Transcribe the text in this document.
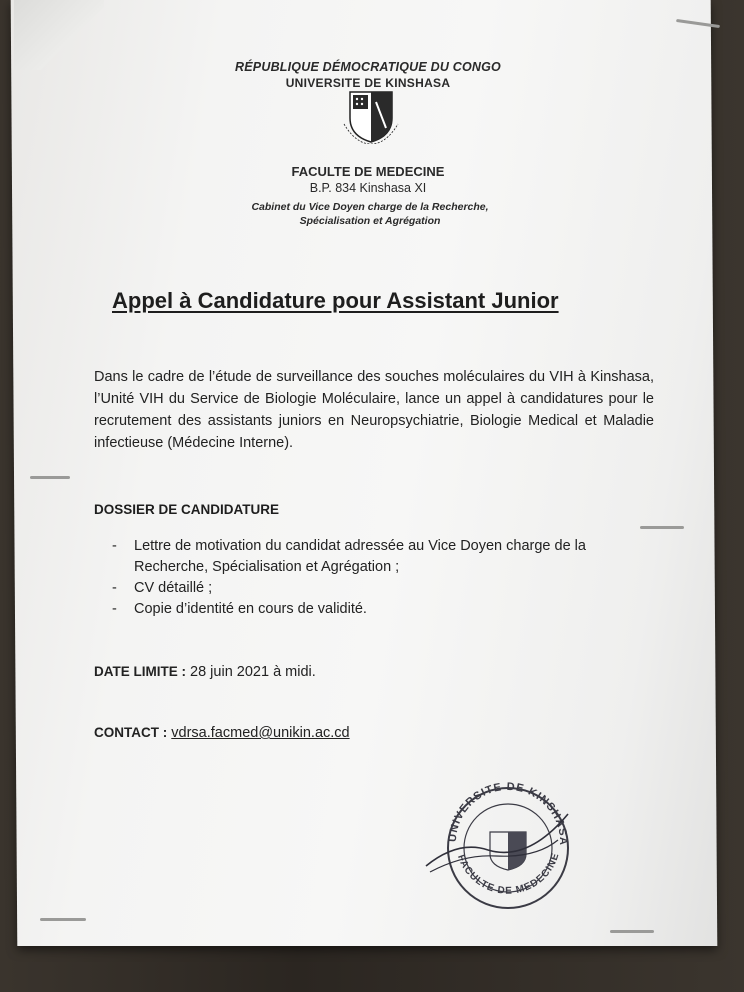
RÉPUBLIQUE DÉMOCRATIQUE DU CONGO
UNIVERSITE DE KINSHASA
FACULTE DE MEDECINE
B.P. 834 Kinshasa XI
Cabinet du Vice Doyen charge de la Recherche,
Spécialisation et Agrégation
Appel à Candidature pour Assistant Junior
Dans le cadre de l’étude de surveillance des souches moléculaires du VIH à Kinshasa, l’Unité VIH du Service de Biologie Moléculaire, lance un appel à candidatures pour le recrutement des assistants juniors en Neuropsychiatrie, Biologie Medical et Maladie infectieuse (Médecine Interne).
DOSSIER DE CANDIDATURE
- Lettre de motivation du candidat adressée au Vice Doyen charge de la Recherche, Spécialisation et Agrégation ;
- CV détaillé ;
- Copie d’identité en cours de validité.
DATE LIMITE : 28 juin 2021 à midi.
CONTACT : vdrsa.facmed@unikin.ac.cd
UNIVERSITE DE KINSHASA
FACULTE DE MEDECINE
